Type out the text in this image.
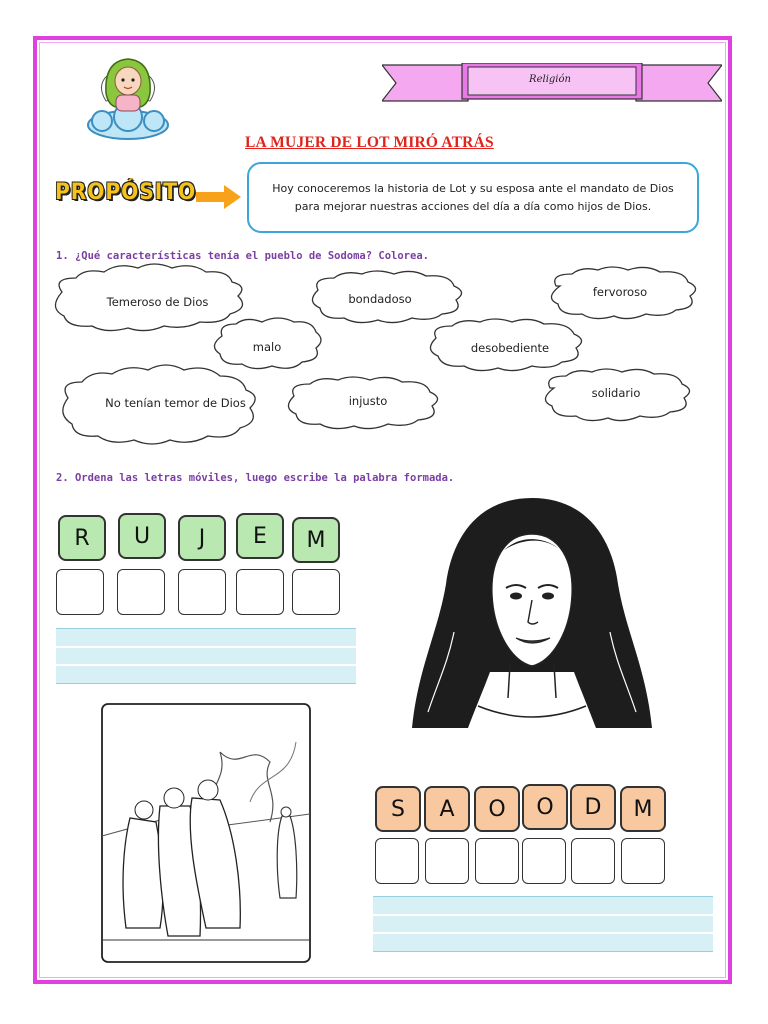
Religión
LA MUJER DE LOT MIRÓ ATRÁS
PROPÓSITO	Hoy conoceremos la historia de Lot y su esposa ante el mandato de Dios para mejorar nuestras acciones del día a día como hijos de Dios.
1. ¿Qué características tenía el pueblo de Sodoma? Colorea.
Temeroso de Dios	bondadoso	fervoroso
malo	desobediente
No tenían temor de Dios	injusto
solidario
2. Ordena las letras móviles, luego escribe la palabra formada.
R	U	J	E	M
S	A	O	O	D	M
